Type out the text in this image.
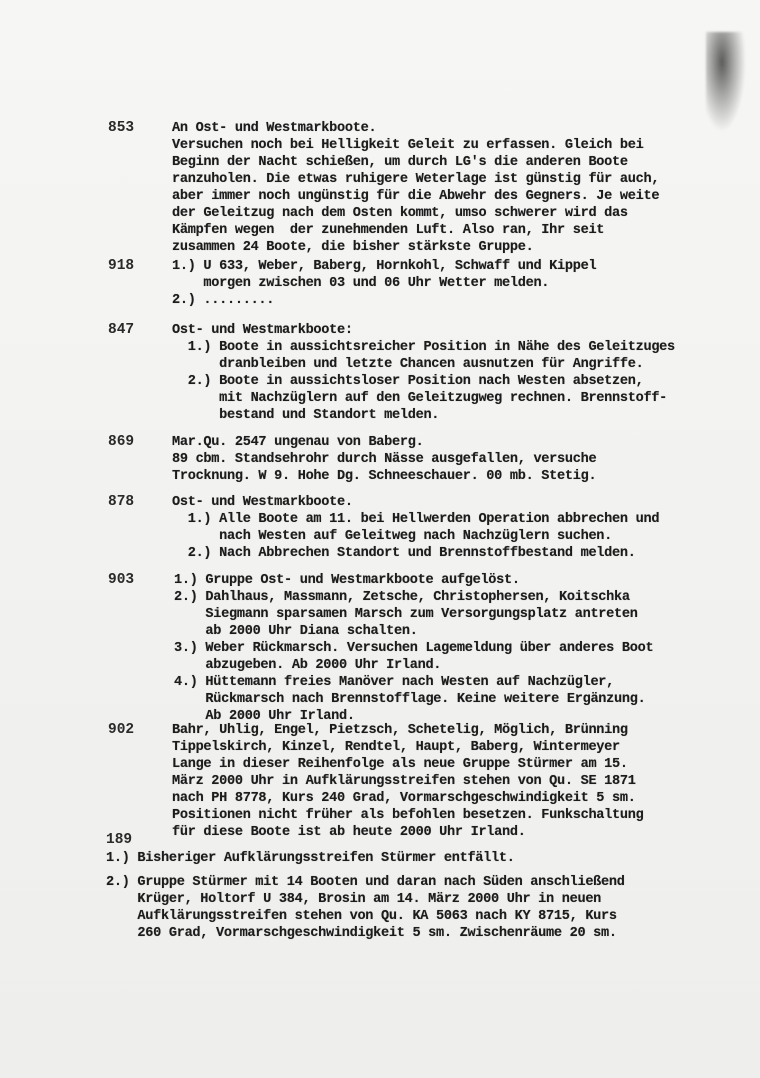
853	An Ost- und Westmarkboote.
Versuchen noch bei Helligkeit Geleit zu erfassen. Gleich bei
Beginn der Nacht schießen, um durch LG's die anderen Boote
ranzuholen. Die etwas ruhigere Weterlage ist günstig für auch,
aber immer noch ungünstig für die Abwehr des Gegners. Je weite
der Geleitzug nach dem Osten kommt, umso schwerer wird das
Kämpfen wegen  der zunehmenden Luft. Also ran, Ihr seit
zusammen 24 Boote, die bisher stärkste Gruppe.
918	1.) U 633, Weber, Baberg, Hornkohl, Schwaff und Kippel
morgen zwischen 03 und 06 Uhr Wetter melden.
2.) .........
847	Ost- und Westmarkboote:
1.) Boote in aussichtsreicher Position in Nähe des Geleitzuges
dranbleiben und letzte Chancen ausnutzen für Angriffe.
2.) Boote in aussichtsloser Position nach Westen absetzen,
mit Nachzüglern auf den Geleitzugweg rechnen. Brennstoff-
bestand und Standort melden.
869	Mar.Qu. 2547 ungenau von Baberg.
89 cbm. Standsehrohr durch Nässe ausgefallen, versuche
Trocknung. W 9. Hohe Dg. Schneeschauer. 00 mb. Stetig.
878	Ost- und Westmarkboote.
1.) Alle Boote am 11. bei Hellwerden Operation abbrechen und
nach Westen auf Geleitweg nach Nachzüglern suchen.
2.) Nach Abbrechen Standort und Brennstoffbestand melden.
903	1.) Gruppe Ost- und Westmarkboote aufgelöst.
2.) Dahlhaus, Massmann, Zetsche, Christophersen, Koitschka
Siegmann sparsamen Marsch zum Versorgungsplatz antreten
ab 2000 Uhr Diana schalten.
3.) Weber Rückmarsch. Versuchen Lagemeldung über anderes Boot
abzugeben. Ab 2000 Uhr Irland.
4.) Hüttemann freies Manöver nach Westen auf Nachzügler,
Rückmarsch nach Brennstofflage. Keine weitere Ergänzung.
Ab 2000 Uhr Irland.
902	Bahr, Uhlig, Engel, Pietzsch, Schetelig, Möglich, Brünning
Tippelskirch, Kinzel, Rendtel, Haupt, Baberg, Wintermeyer
Lange in dieser Reihenfolge als neue Gruppe Stürmer am 15.
März 2000 Uhr in Aufklärungsstreifen stehen von Qu. SE 1871
nach PH 8778, Kurs 240 Grad, Vormarschgeschwindigkeit 5 sm.
Positionen nicht früher als befohlen besetzen. Funkschaltung
für diese Boote ist ab heute 2000 Uhr Irland.
189
1.) Bisheriger Aufklärungsstreifen Stürmer entfällt.
2.) Gruppe Stürmer mit 14 Booten und daran nach Süden anschließend
Krüger, Holtorf U 384, Brosin am 14. März 2000 Uhr in neuen
Aufklärungsstreifen stehen von Qu. KA 5063 nach KY 8715, Kurs
260 Grad, Vormarschgeschwindigkeit 5 sm. Zwischenräume 20 sm.
